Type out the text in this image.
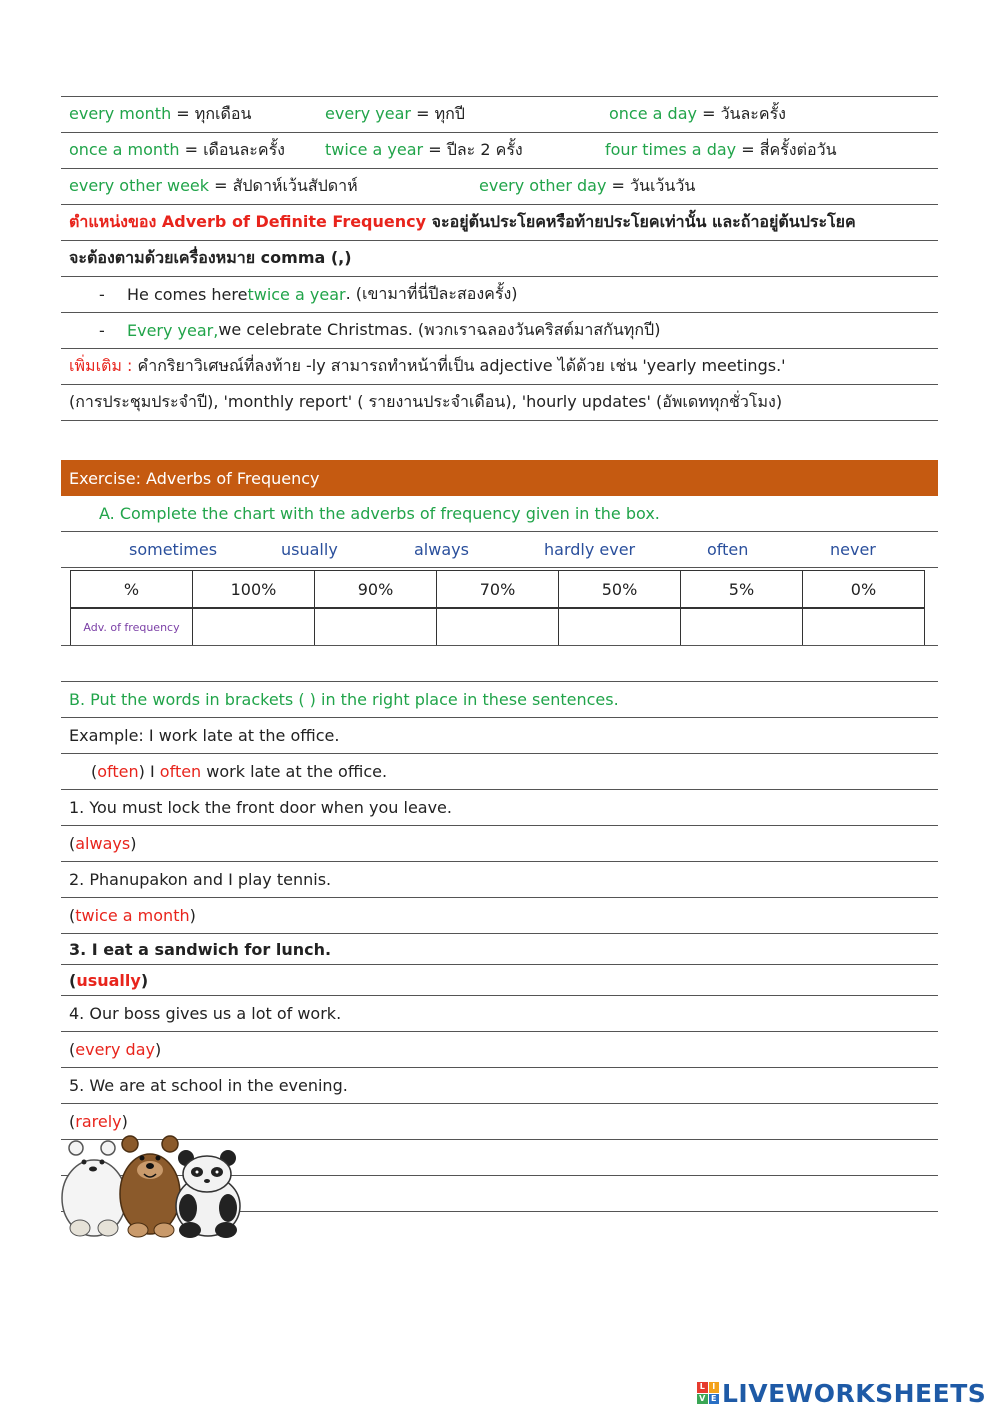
every month = ทุกเดือน	every year = ทุกปี	once a day = วันละครั้ง
once a month = เดือนละครั้ง	twice a year = ปีละ 2 ครั้ง	four times a day = สี่ครั้งต่อวัน
every other week = สัปดาห์เว้นสัปดาห์	every other day = วันเว้นวัน
ตำแหน่งของ Adverb of Definite Frequency จะอยู่ต้นประโยคหรือท้ายประโยคเท่านั้น และถ้าอยู่ต้นประโยค
จะต้องตามด้วยเครื่องหมาย comma (,)
-	He comes here twice a year . (เขามาที่นี่ปีละสองครั้ง)
-	Every year, we celebrate Christmas. (พวกเราฉลองวันคริสต์มาสกันทุกปี)
เพิ่มเติม : คำกริยาวิเศษณ์ที่ลงท้าย -ly สามารถทำหน้าที่เป็น adjective ได้ด้วย เช่น 'yearly meetings.'
(การประชุมประจำปี), 'monthly report' ( รายงานประจำเดือน), 'hourly updates' (อัพเดททุกชั่วโมง)
Exercise: Adverbs of Frequency
A. Complete the chart with the adverbs of frequency given in the box.
sometimes	usually	always	hardly ever	often	never
%	100%	90%	70%	50%	5%	0%
Adv. of frequency						
B. Put the words in brackets ( ) in the right place in these sentences.
Example: I work late at the office.
(often) I often work late at the office.
1. You must lock the front door when you leave.
(always)
2. Phanupakon and I play tennis.
(twice a month)
3. I eat a sandwich for lunch.
(usually)
4. Our boss gives us a lot of work.
(every day)
5. We are at school in the evening.
(rarely)
L I
V E LIVEWORKSHEETS
